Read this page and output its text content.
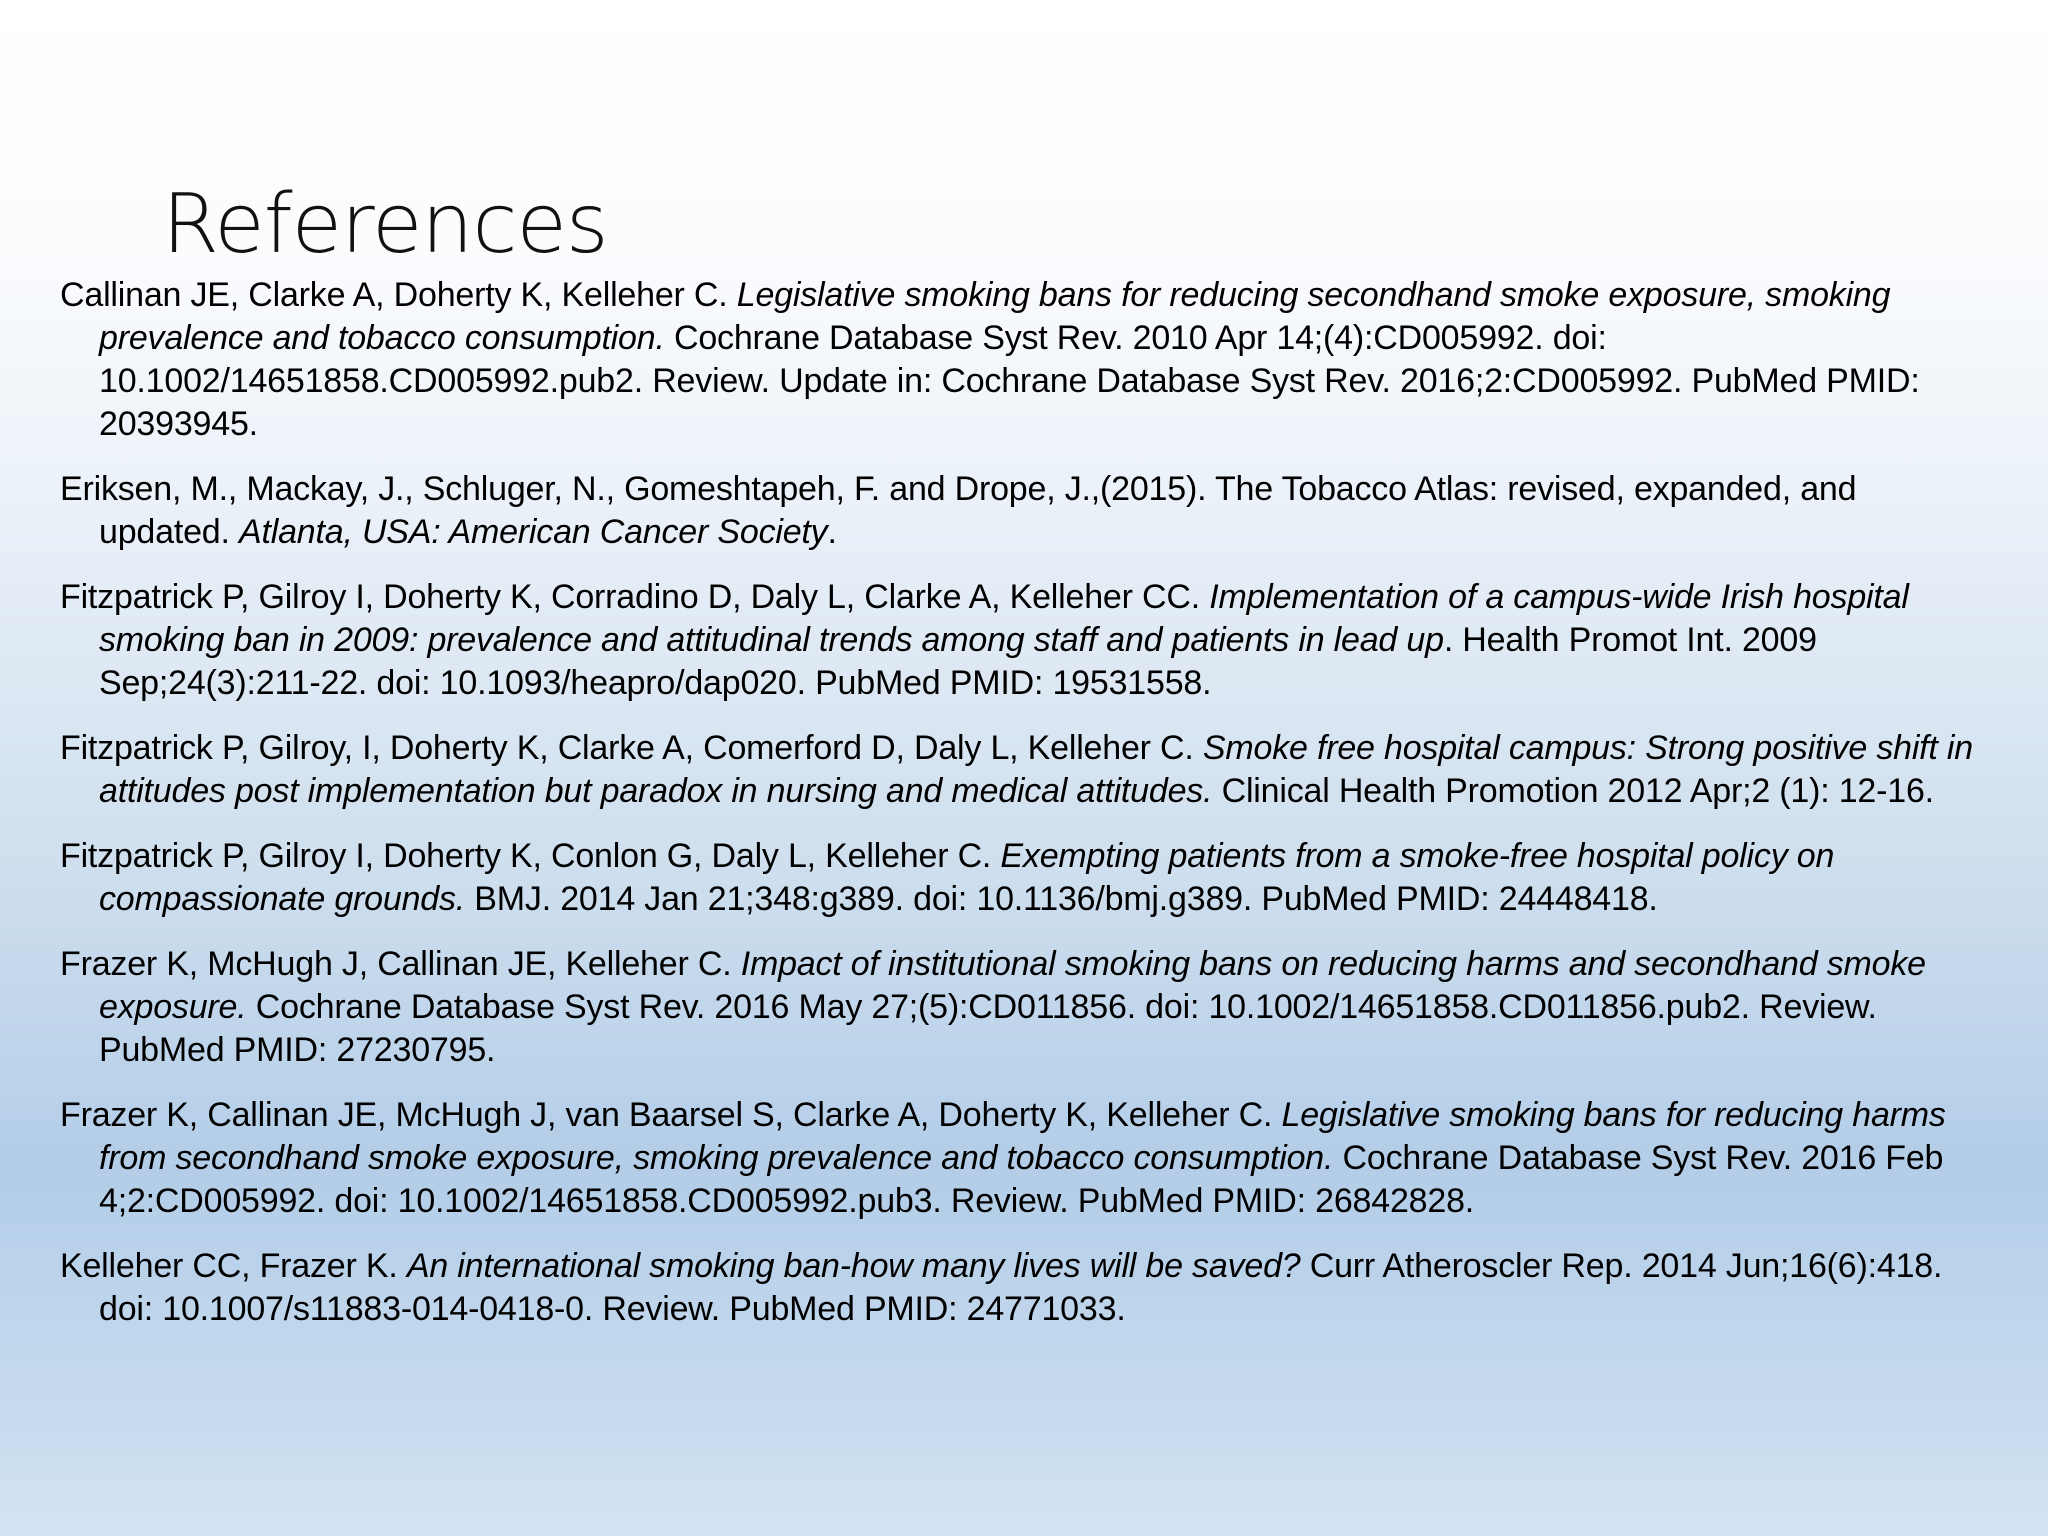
References
Callinan JE, Clarke A, Doherty K, Kelleher C. Legislative smoking bans for reducing secondhand smoke exposure, smoking prevalence and tobacco consumption. Cochrane Database Syst Rev. 2010 Apr 14;(4):CD005992. doi: 10.1002/14651858.CD005992.pub2. Review. Update in: Cochrane Database Syst Rev. 2016;2:CD005992. PubMed PMID: 20393945.
Eriksen, M., Mackay, J., Schluger, N., Gomeshtapeh, F. and Drope, J.,(2015). The Tobacco Atlas: revised, expanded, and updated. Atlanta, USA: American Cancer Society.
Fitzpatrick P, Gilroy I, Doherty K, Corradino D, Daly L, Clarke A, Kelleher CC. Implementation of a campus-wide Irish hospital smoking ban in 2009: prevalence and attitudinal trends among staff and patients in lead up. Health Promot Int. 2009 Sep;24(3):211-22. doi: 10.1093/heapro/dap020. PubMed PMID: 19531558.
Fitzpatrick P, Gilroy, I, Doherty K, Clarke A, Comerford D, Daly L, Kelleher C. Smoke free hospital campus: Strong positive shift in attitudes post implementation but paradox in nursing and medical attitudes. Clinical Health Promotion 2012 Apr;2 (1): 12-16.
Fitzpatrick P, Gilroy I, Doherty K, Conlon G, Daly L, Kelleher C. Exempting patients from a smoke-free hospital policy on compassionate grounds. BMJ. 2014 Jan 21;348:g389. doi: 10.1136/bmj.g389. PubMed PMID: 24448418.
Frazer K, McHugh J, Callinan JE, Kelleher C. Impact of institutional smoking bans on reducing harms and secondhand smoke exposure. Cochrane Database Syst Rev. 2016 May 27;(5):CD011856. doi: 10.1002/14651858.CD011856.pub2. Review. PubMed PMID: 27230795.
Frazer K, Callinan JE, McHugh J, van Baarsel S, Clarke A, Doherty K, Kelleher C. Legislative smoking bans for reducing harms from secondhand smoke exposure, smoking prevalence and tobacco consumption. Cochrane Database Syst Rev. 2016 Feb 4;2:CD005992. doi: 10.1002/14651858.CD005992.pub3. Review. PubMed PMID: 26842828.
Kelleher CC, Frazer K. An international smoking ban-how many lives will be saved? Curr Atheroscler Rep. 2014 Jun;16(6):418. doi: 10.1007/s11883-014-0418-0. Review. PubMed PMID: 24771033.
